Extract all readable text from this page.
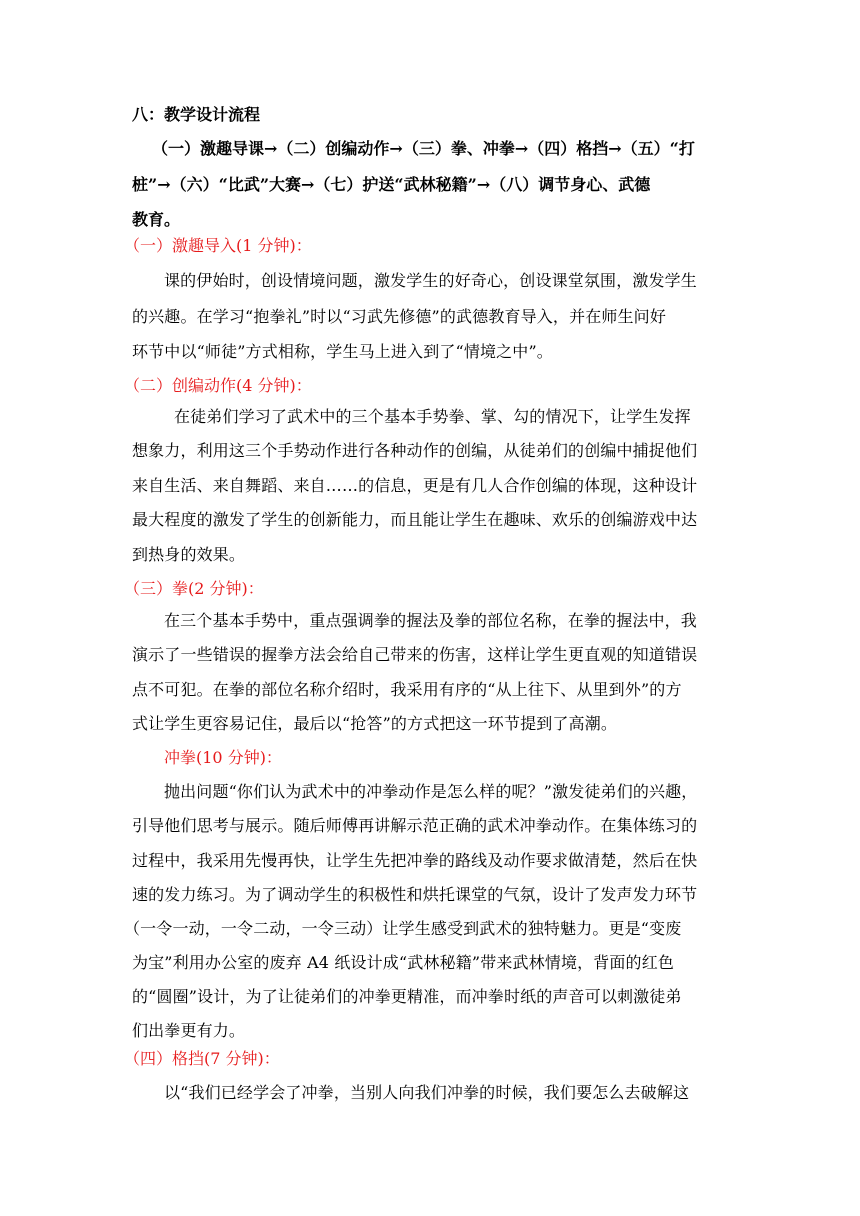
八：教学设计流程
（一）激趣导课→（二）创编动作→（三）拳、冲拳→（四）格挡→（五）“打
桩”→（六）“比武”大赛→（七）护送“武林秘籍”→（八）调节身心、武德
教育。
（一）激趣导入(1 分钟)：
课的伊始时，创设情境问题，激发学生的好奇心，创设课堂氛围，激发学生
的兴趣。在学习“抱拳礼”时以“习武先修德”的武德教育导入，并在师生问好
环节中以“师徒”方式相称，学生马上进入到了“情境之中”。
（二）创编动作(4 分钟)：
在徒弟们学习了武术中的三个基本手势拳、掌、勾的情况下，让学生发挥
想象力，利用这三个手势动作进行各种动作的创编，从徒弟们的创编中捕捉他们
来自生活、来自舞蹈、来自……的信息，更是有几人合作创编的体现，这种设计
最大程度的激发了学生的创新能力，而且能让学生在趣味、欢乐的创编游戏中达
到热身的效果。
（三）拳(2 分钟)：
在三个基本手势中，重点强调拳的握法及拳的部位名称，在拳的握法中，我
演示了一些错误的握拳方法会给自己带来的伤害，这样让学生更直观的知道错误
点不可犯。在拳的部位名称介绍时，我采用有序的“从上往下、从里到外”的方
式让学生更容易记住，最后以“抢答”的方式把这一环节提到了高潮。
冲拳(10 分钟)：
抛出问题“你们认为武术中的冲拳动作是怎么样的呢？”激发徒弟们的兴趣，
引导他们思考与展示。随后师傅再讲解示范正确的武术冲拳动作。在集体练习的
过程中，我采用先慢再快，让学生先把冲拳的路线及动作要求做清楚，然后在快
速的发力练习。为了调动学生的积极性和烘托课堂的气氛，设计了发声发力环节
（一令一动，一令二动，一令三动）让学生感受到武术的独特魅力。更是“变废
为宝”利用办公室的废弃 A4 纸设计成“武林秘籍”带来武林情境，背面的红色
的“圆圈”设计，为了让徒弟们的冲拳更精准，而冲拳时纸的声音可以刺激徒弟
们出拳更有力。
（四）格挡(7 分钟)：
以“我们已经学会了冲拳，当别人向我们冲拳的时候，我们要怎么去破解这
